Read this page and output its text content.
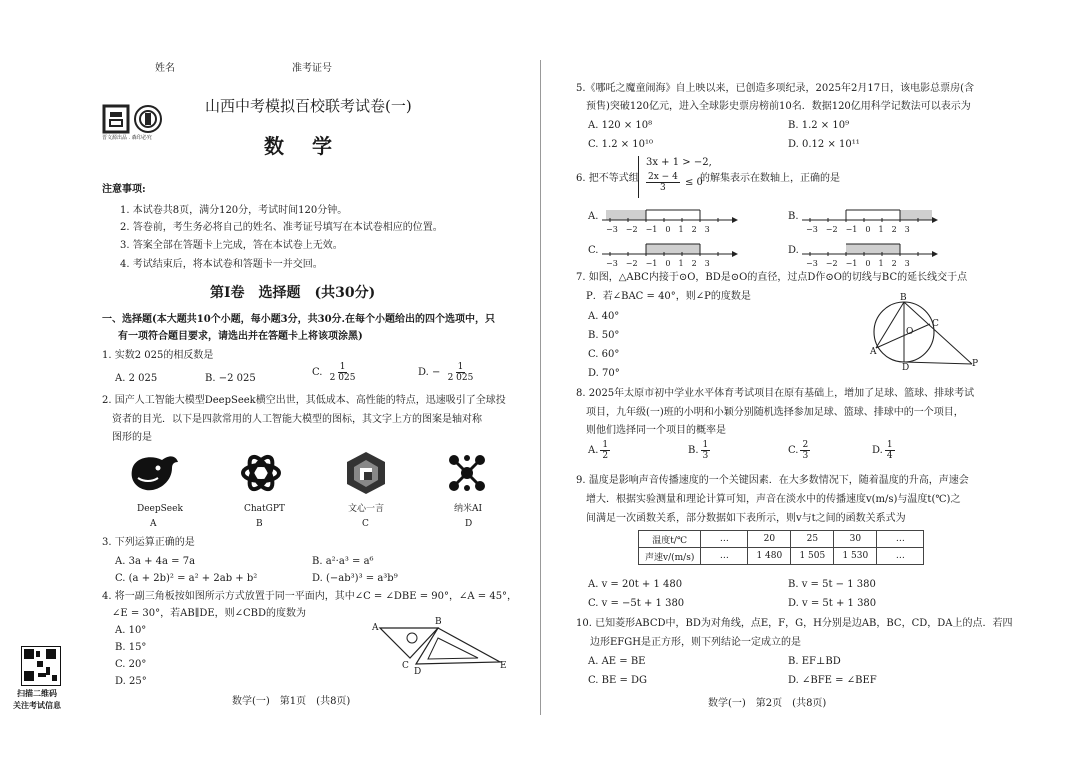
姓名	准考证号
晋文源出品 . 森印必究
山西中考模拟百校联考试卷(一)
数　学
注意事项:
1. 本试卷共8页，满分120分，考试时间120分钟。
2. 答卷前，考生务必将自己的姓名、准考证号填写在本试卷相应的位置。
3. 答案全部在答题卡上完成，答在本试卷上无效。
4. 考试结束后，将本试卷和答题卡一并交回。
第Ⅰ卷　选择题　(共30分)
一、选择题(本大题共10个小题，每小题3分，共30分.在每个小题给出的四个选项中，只
有一项符合题目要求，请选出并在答题卡上将该项涂黑)
1. 实数2 025的相反数是
A. 2 025	B. −2 025
C. $\frac{1}{2 025}$	D. − $\frac{1}{2 025}$
2. 国产人工智能大模型DeepSeek横空出世，其低成本、高性能的特点，迅速吸引了全球投
资者的目光．以下是四款常用的人工智能大模型的图标，其文字上方的图案是轴对称
图形的是
DeepSeek	ChatGPT	文心一言	纳米AI
A	B	C	D
3. 下列运算正确的是
A. 3a + 4a = 7a	B. a²·a³ = a⁶
C. (a + 2b)² = a² + 2ab + b²	D. (−ab³)³ = a³b⁹
4. 将一副三角板按如图所示方式放置于同一平面内，其中∠C = ∠DBE = 90°，∠A = 45°，
∠E = 30°，若AB∥DE，则∠CBD的度数为
A. 10°
B. 15°
C. 20°
D. 25°
A
B
C
D
E
扫描二维码
关注考试信息	数学(一)　第1页　(共8页)
5.《哪吒之魔童闹海》自上映以来，已创造多项纪录，2025年2月17日，该电影总票房(含
预售)突破120亿元，进入全球影史票房榜前10名．数据120亿用科学记数法可以表示为
A. 120 × 10⁸	B. 1.2 × 10⁹
C. 1.2 × 10¹⁰	D. 0.12 × 10¹¹
6. 把不等式组
3x + 1 > −2,
$\frac{2x - 4}{3} \le 0$
的解集表示在数轴上，正确的是
A.
−3 −2 −1 0 1 2 3
B.
−3 −2 −1 0 1 2 3
C.
−3 −2 −1 0 1 2 3
D.
−3 −2 −1 0 1 2 3
7. 如图，△ABC内接于⊙O，BD是⊙O的直径，过点D作⊙O的切线与BC的延长线交于点
P．若∠BAC = 40°，则∠P的度数是
A. 40°
B. 50°
C. 60°
D. 70°
B
O
C
A
D	P
8. 2025年太原市初中学业水平体育考试项目在原有基础上，增加了足球、篮球、排球考试
项目，九年级(一)班的小明和小颖分别随机选择参加足球、篮球、排球中的一个项目，
则他们选择同一个项目的概率是
A. $\frac{1}{2}$	B. $\frac{1}{3}$	C. $\frac{2}{3}$	D. $\frac{1}{4}$
9. 温度是影响声音传播速度的一个关键因素．在大多数情况下，随着温度的升高，声速会
增大．根据实验测量和理论计算可知，声音在淡水中的传播速度v(m/s)与温度t(℃)之
间满足一次函数关系，部分数据如下表所示，则v与t之间的函数关系式为
温度t/℃	…	20	25	30	…
声速v/(m/s)	…	1 480	1 505	1 530	…
A. v = 20t + 1 480	B. v = 5t − 1 380
C. v = −5t + 1 380	D. v = 5t + 1 380
10. 已知菱形ABCD中，BD为对角线，点E，F，G，H分别是边AB，BC，CD，DA上的点．若四
边形EFGH是正方形，则下列结论一定成立的是
A. AE = BE	B. EF⊥BD
C. BE = DG	D. ∠BFE = ∠BEF
数学(一)　第2页　(共8页)
